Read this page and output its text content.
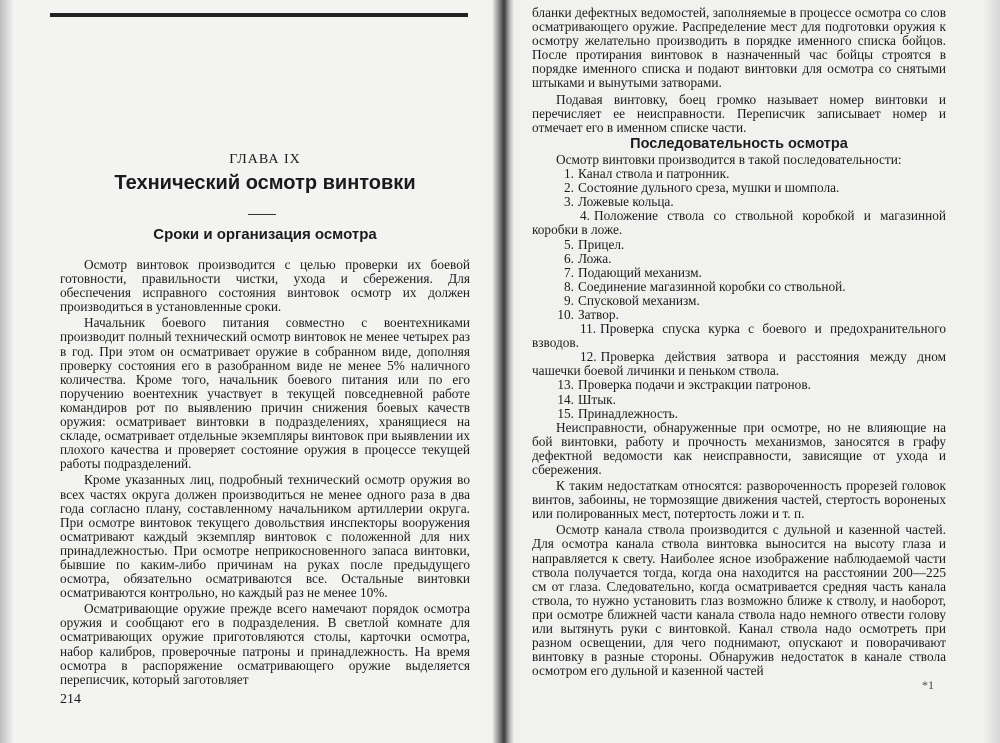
ГЛАВА IX
Технический осмотр винтовки
Сроки и организация осмотра

Осмотр винтовок производится с целью проверки их боевой готовности, правильности чистки, ухода и сбережения. Для обеспечения исправного состояния винтовок осмотр их должен производиться в установленные сроки.

Начальник боевого питания совместно с воентехниками производит полный технический осмотр винтовок не менее четырех раз в год. При этом он осматривает оружие в собранном виде, дополняя проверку состояния его в разобранном виде не менее 5% наличного количества. Кроме того, начальник боевого питания или по его поручению воентехник участвует в текущей повседневной работе командиров рот по выявлению причин снижения боевых качеств оружия: осматривает винтовки в подразделениях, хранящиеся на складе, осматривает отдельные экземпляры винтовок при выявлении их плохого качества и проверяет состояние оружия в процессе текущей работы подразделений.

Кроме указанных лиц, подробный технический осмотр оружия во всех частях округа должен производиться не менее одного раза в два года согласно плану, составленному начальником артиллерии округа. При осмотре винтовок текущего довольствия инспекторы вооружения осматривают каждый экземпляр винтовок с положенной для них принадлежностью. При осмотре неприкосновенного запаса винтовки, бывшие по каким-либо причинам на руках после предыдущего осмотра, обязательно осматриваются все. Остальные винтовки осматриваются контрольно, но каждый раз не менее 10%.

Осматривающие оружие прежде всего намечают порядок осмотра оружия и сообщают его в подразделения. В светлой комнате для осматривающих оружие приготовляются столы, карточки осмотра, набор калибров, проверочные патроны и принадлежность. На время осмотра в распоряжение осматривающего оружие выделяется переписчик, который заготовляет

214

бланки дефектных ведомостей, заполняемые в процессе осмотра со слов осматривающего оружие. Распределение мест для подготовки оружия к осмотру желательно производить в порядке именного списка бойцов. После протирания винтовок в назначенный час бойцы строятся в порядке именного списка и подают винтовки для осмотра со снятыми штыками и вынутыми затворами.

Подавая винтовку, боец громко называет номер винтовки и перечисляет ее неисправности. Переписчик записывает номер и отмечает его в именном списке части.

Последовательность осмотра

Осмотр винтовки производится в такой последовательности:

1. Канал ствола и патронник.
2. Состояние дульного среза, мушки и шомпола.
3. Ложевые кольца.
4. Положение ствола со ствольной коробкой и магазинной коробки в ложе.
5. Прицел.
6. Ложа.
7. Подающий механизм.
8. Соединение магазинной коробки со ствольной.
9. Спусковой механизм.
10. Затвор.
11. Проверка спуска курка с боевого и предохранительного взводов.
12. Проверка действия затвора и расстояния между дном чашечки боевой личинки и пеньком ствола.
13. Проверка подачи и экстракции патронов.
14. Штык.
15. Принадлежность.

Неисправности, обнаруженные при осмотре, но не влияющие на бой винтовки, работу и прочность механизмов, заносятся в графу дефектной ведомости как неисправности, зависящие от ухода и сбережения.

К таким недостаткам относятся: развороченность прорезей головок винтов, забоины, не тормозящие движения частей, стертость вороненых или полированных мест, потертость ложи и т. п.

Осмотр канала ствола производится с дульной и казенной частей. Для осмотра канала ствола винтовка выносится на высоту глаза и направляется к свету. Наиболее ясное изображение наблюдаемой части ствола получается тогда, когда она находится на расстоянии 200—225 см от глаза. Следовательно, когда осматривается средняя часть канала ствола, то нужно установить глаз возможно ближе к стволу, и наоборот, при осмотре ближней части канала ствола надо немного отвести голову или вытянуть руки с винтовкой. Канал ствола надо осмотреть при разном освещении, для чего поднимают, опускают и поворачивают винтовку в разные стороны. Обнаружив недостаток в канале ствола осмотром его дульной и казенной частей

*1
